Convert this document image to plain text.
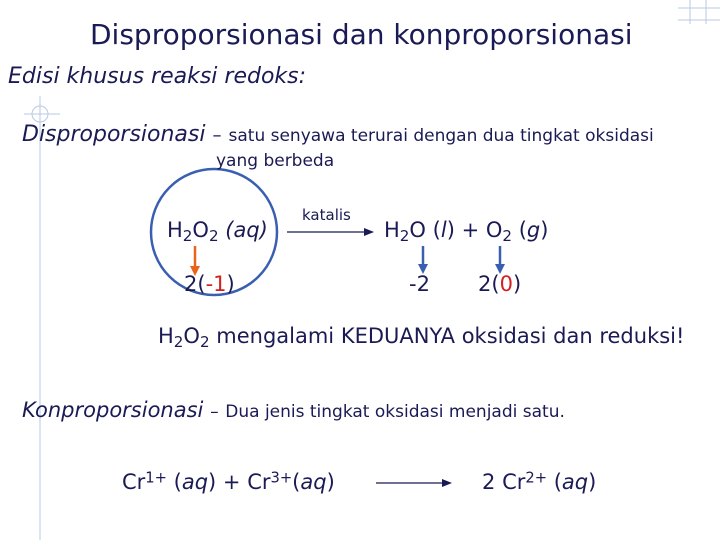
Disproporsionasi dan konproporsionasi
Edisi khusus reaksi redoks:
Disproporsionasi – satu senyawa terurai dengan dua tingkat oksidasi
yang berbeda
$H_2O_2$ (aq)
2(-1)
katalis
$H_2O$ $(l) + O_2$ (g)
-2 2(0)
$H_2O_2$ mengalami KEDUANYA oksidasi dan reduksi!
Konproporsionasi – Dua jenis tingkat oksidasi menjadi satu.
$Cr^{1+}$ $(aq) + Cr^{3+}(aq)$	2 $Cr^{2+}$ (aq)
